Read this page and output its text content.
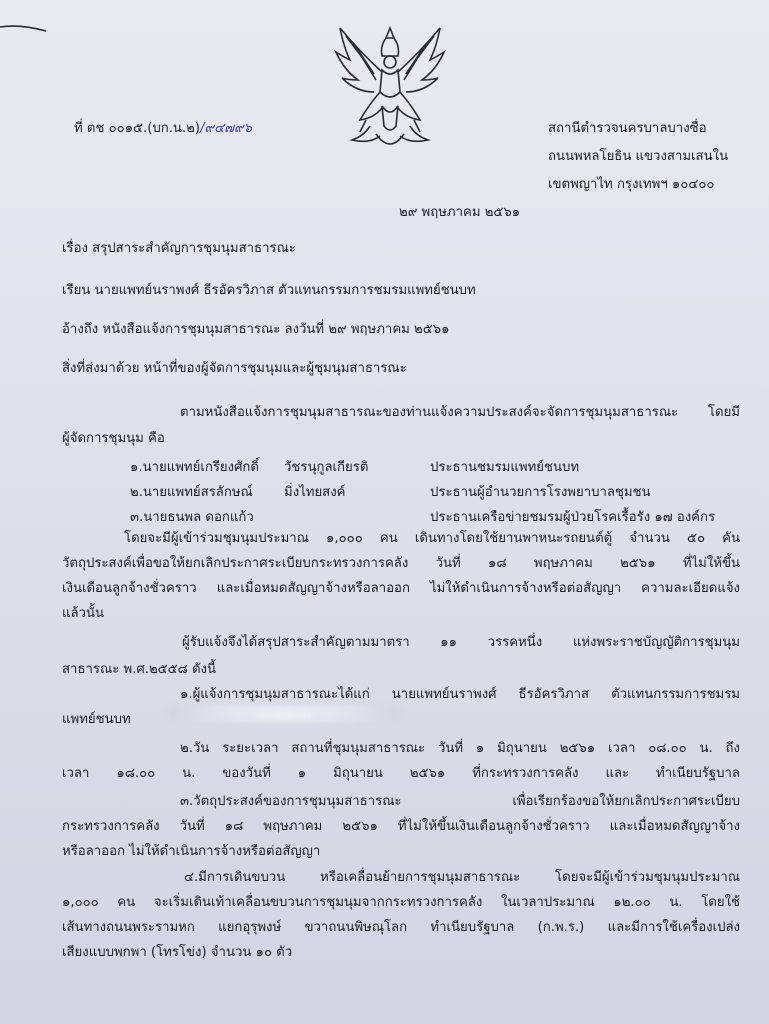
ที่ ตช ๐๐๑๕.(บก.น.๒)/๙๔๗๙๖	สถานีตำรวจนครบาลบางซื่อ
ถนนพหลโยธิน แขวงสามเสนใน
เขตพญาไท กรุงเทพฯ ๑๐๔๐๐
๒๙ พฤษภาคม ๒๕๖๑
เรื่อง สรุปสาระสำคัญการชุมนุมสาธารณะ
เรียน นายแพทย์นราพงศ์ ธีรอัครวิภาส ตัวแทนกรรมการชมรมแพทย์ชนบท
อ้างถึง หนังสือแจ้งการชุมนุมสาธารณะ ลงวันที่ ๒๙ พฤษภาคม ๒๕๖๑
สิ่งที่ส่งมาด้วย หน้าที่ของผู้จัดการชุมนุมและผู้ชุมนุมสาธารณะ
ตามหนังสือแจ้งการชุมนุมสาธารณะของท่านแจ้งความประสงค์จะจัดการชุมนุมสาธารณะ โดยมี
ผู้จัดการชุมนุม คือ
๑.นายแพทย์เกรียงศักดิ์ วัชรนุกูลเกียรติ	ประธานชมรมแพทย์ชนบท
๒.นายแพทย์สรลักษณ์ มิ่งไทยสงค์	ประธานผู้อำนวยการโรงพยาบาลชุมชน
๓.นายธนพล ดอกแก้ว	ประธานเครือข่ายชมรมผู้ป่วยโรคเรื้อรัง ๑๗ องค์กร
โดยจะมีผู้เข้าร่วมชุมนุมประมาณ ๑,๐๐๐ คน เดินทางโดยใช้ยานพาหนะรถยนต์ตู้ จำนวน ๕๐ คัน
วัตถุประสงค์เพื่อขอให้ยกเลิกประกาศระเบียบกระทรวงการคลัง วันที่ ๑๘ พฤษภาคม ๒๕๖๑ ที่ไม่ให้ขึ้น
เงินเดือนลูกจ้างชั่วคราว และเมื่อหมดสัญญาจ้างหรือลาออก ไม่ให้ดำเนินการจ้างหรือต่อสัญญา ความละเอียดแจ้ง
แล้วนั้น
ผู้รับแจ้งจึงได้สรุปสาระสำคัญตามมาตรา ๑๑ วรรคหนึ่ง แห่งพระราชบัญญัติการชุมนุม
สาธารณะ พ.ศ.๒๕๕๘ ดังนี้
๑.ผู้แจ้งการชุมนุมสาธารณะได้แก่ นายแพทย์นราพงศ์ ธีรอัครวิภาส ตัวแทนกรรมการชมรม
แพทย์ชนบท
๒.วัน ระยะเวลา สถานที่ชุมนุมสาธารณะ วันที่ ๑ มิถุนายน ๒๕๖๑ เวลา ๐๘.๐๐ น. ถึง
เวลา ๑๘.๐๐ น. ของวันที่ ๑ มิถุนายน ๒๕๖๑ ที่กระทรวงการคลัง และ ทำเนียบรัฐบาล
๓.วัตถุประสงค์ของการชุมนุมสาธารณะ เพื่อเรียกร้องขอให้ยกเลิกประกาศระเบียบ
กระทรวงการคลัง วันที่ ๑๘ พฤษภาคม ๒๕๖๑ ที่ไม่ให้ขึ้นเงินเดือนลูกจ้างชั่วคราว และเมื่อหมดสัญญาจ้าง
หรือลาออก ไม่ให้ดำเนินการจ้างหรือต่อสัญญา
๔.มีการเดินขบวน หรือเคลื่อนย้ายการชุมนุมสาธารณะ โดยจะมีผู้เข้าร่วมชุมนุมประมาณ
๑,๐๐๐ คน จะเริ่มเดินเท้าเคลื่อนขบวนการชุมนุมจากกระทรวงการคลัง ในเวลาประมาณ ๑๒.๐๐ น. โดยใช้
เส้นทางถนนพระรามหก แยกอุรุพงษ์ ขวาถนนพิษณุโลก ทำเนียบรัฐบาล (ก.พ.ร.) และมีการใช้เครื่องเปล่ง
เสียงแบบพกพา (โทรโข่ง) จำนวน ๑๐ ตัว
